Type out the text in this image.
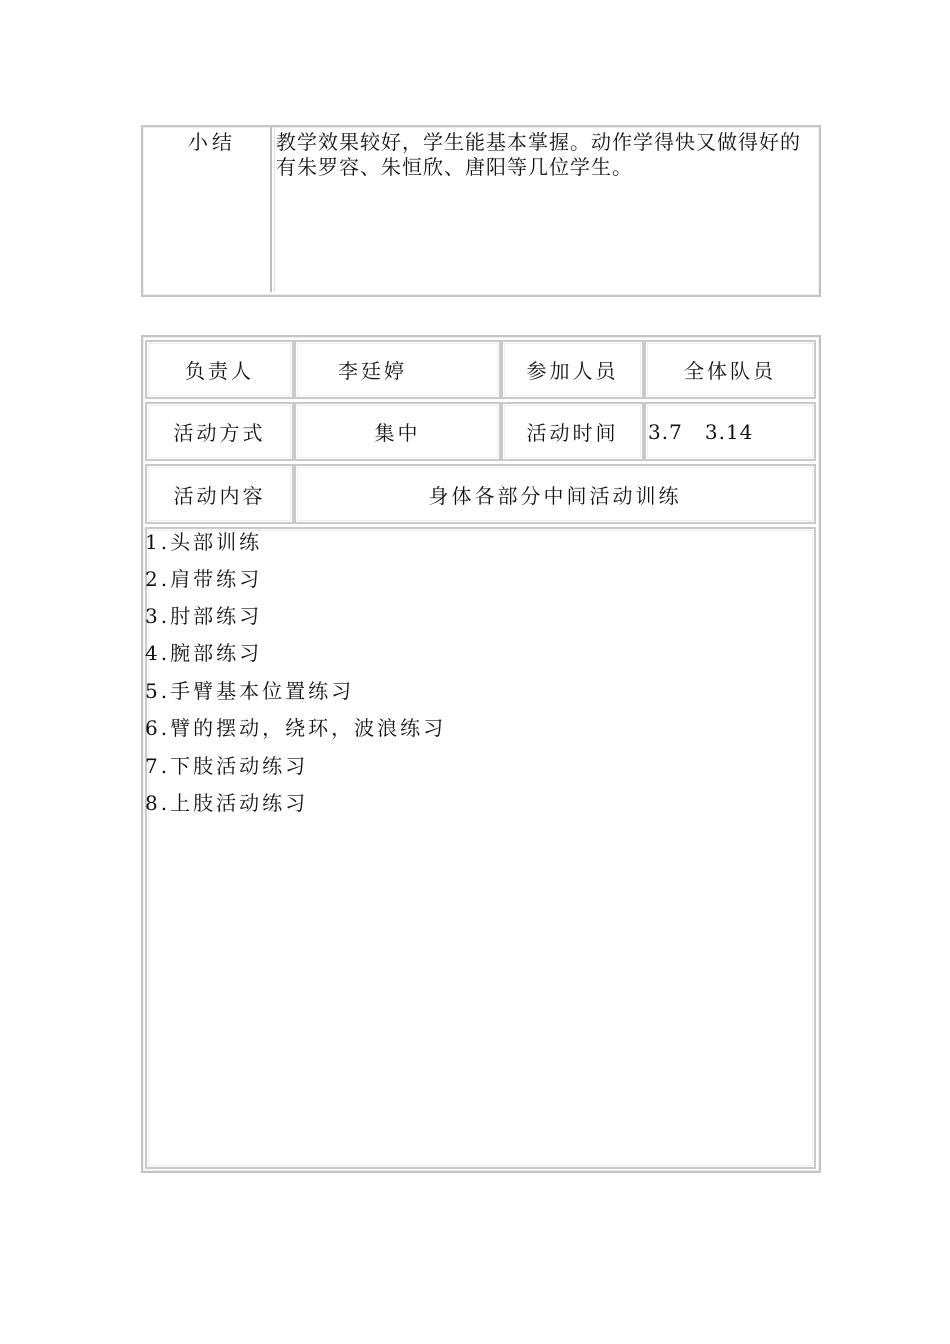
小结 教学效果较好，学生能基本掌握。动作学得快又做得好的
有朱罗容、朱恒欣、唐阳等几位学生。
负责人	李廷婷	参加人员	全体队员
活动方式	集中	活动时间 3.7   3.14
活动内容	身体各部分中间活动训练
1.头部训练
2.肩带练习
3.肘部练习
4.腕部练习
5.手臂基本位置练习
6.臂的摆动，绕环，波浪练习
7.下肢活动练习
8.上肢活动练习
